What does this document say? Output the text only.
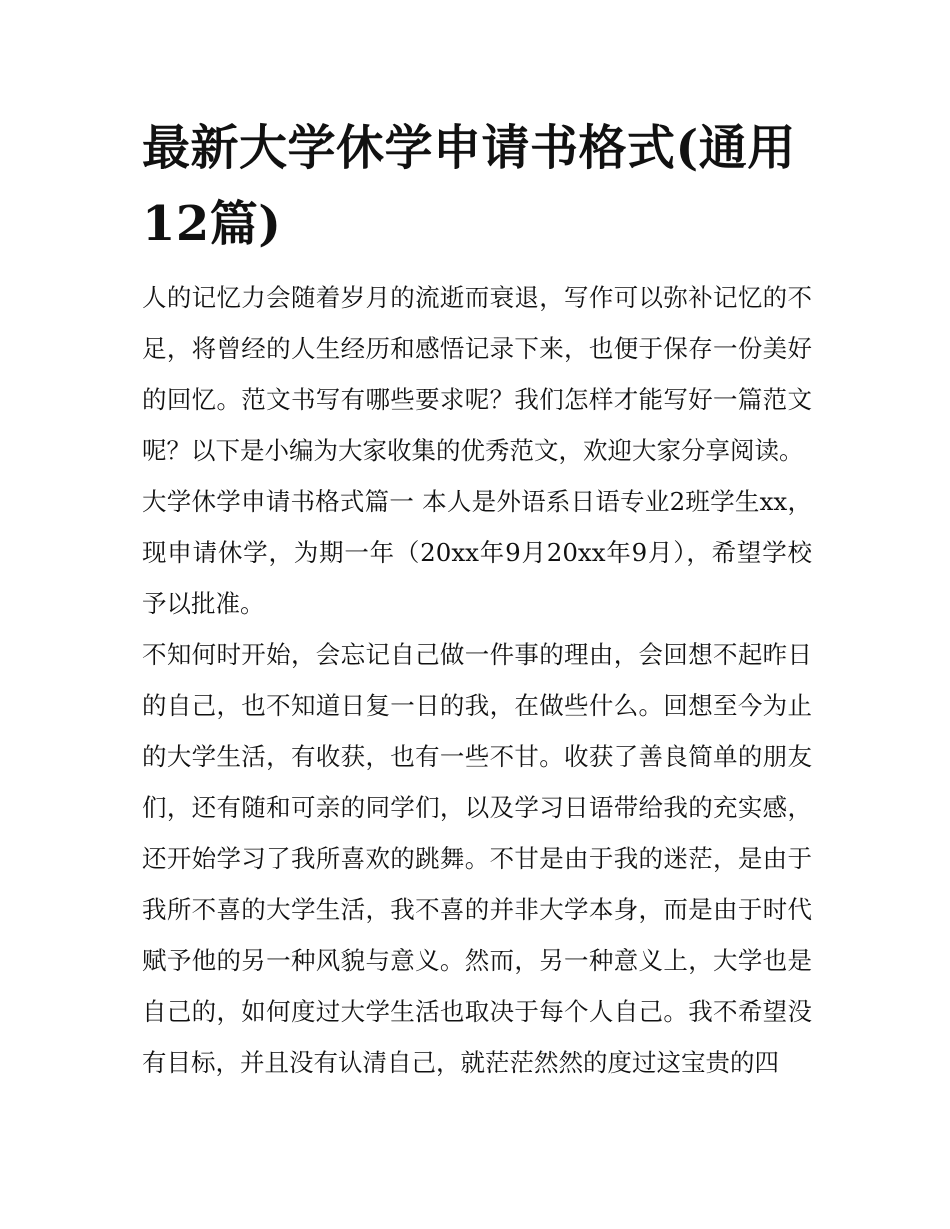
最新大学休学申请书格式(通用12篇)

人的记忆力会随着岁月的流逝而衰退，写作可以弥补记忆的不足，将曾经的人生经历和感悟记录下来，也便于保存一份美好的回忆。范文书写有哪些要求呢？我们怎样才能写好一篇范文呢？以下是小编为大家收集的优秀范文，欢迎大家分享阅读。

大学休学申请书格式篇一 本人是外语系日语专业2班学生xx，现申请休学，为期一年（20xx年9月20xx年9月），希望学校予以批准。

不知何时开始，会忘记自己做一件事的理由，会回想不起昨日的自己，也不知道日复一日的我，在做些什么。回想至今为止的大学生活，有收获，也有一些不甘。收获了善良简单的朋友们，还有随和可亲的同学们，以及学习日语带给我的充实感，还开始学习了我所喜欢的跳舞。不甘是由于我的迷茫，是由于我所不喜的大学生活，我不喜的并非大学本身，而是由于时代赋予他的另一种风貌与意义。然而，另一种意义上，大学也是自己的，如何度过大学生活也取决于每个人自己。我不希望没有目标，并且没有认清自己，就茫茫然然的度过这宝贵的四
